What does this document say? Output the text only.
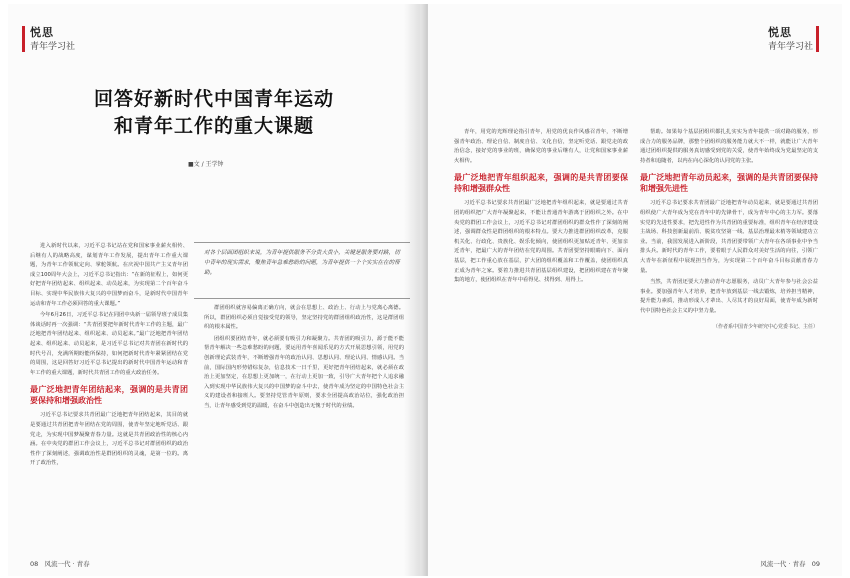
悦思
青年学习社
回答好新时代中国青年运动
和青年工作的重大课题
■文 / 王学钟
对各个层面团组织来说，为青年提供服务不分贵大贵小，关键是服务要对路，切中青年的现实需求，聚焦青年急难愁盼的问题，为青年提供一个个实实在在的帮助。

进入新时代以来，习近平总书记站在党和国家事业薪火相传、后继有人的战略高度，谋划青年工作发展，提出青年工作重大课题，为青年工作领航定向、掌舵领航。在庆祝中国共产主义青年团成立100周年大会上，习近平总书记指出：“在新的征程上，如何更好把青年团结起来、组织起来、动员起来，为实现第二个百年奋斗目标、实现中华民族伟大复兴的中国梦而奋斗，是新时代中国青年运动和青年工作必须回答的重大课题。”

今年6月26日，习近平总书记在同团中央新一届领导班子成员集体谈话时再一次强调：“共青团要把年新时代青年工作的主题，最广泛地把青年团结起来、组织起来、动员起来。”最广泛地把青年团结起来、组织起来、动员起来，是习近平总书记对共青团在新时代的时代号召，充满所期盼能所保持，如何把新时代青年紧紧团结在党的周围，这是回答好习近平总书记提出的新时代中国青年运动和青年工作的重大课题，新时代共青团工作的重大政治任务。

最广泛地把青年团结起来，强调的是共青团要保持和增强政治性

习近平总书记要求共青团最广泛地把青年团结起来，其目的就是要通过共青团把青年团结在党的周围，使青年坚定地听党话、跟党走，为实现中国梦凝聚青春力量。这就是共青团政治性的核心内涵。在中央党的群团工作会议上，习近平总书记对群团组织的政治性作了深刻阐述，强调政治性是群团组织的灵魂，是第一位的。离开了政治性，

群团组织就容易偏离正确方向，就会在思想上、政治上、行动上与党离心离德。所以，群团组织必须自觉接受党的领导，坚定坚持党的群团组织政治性，这是群团组织的根本属性。

团组织要团结青年，就必须要有吸引力和凝聚力。共青团的吸引力，源于能不能帮青年解决一些急难愁盼的问题，要运用青年喜闻乐见的方式开展思想引领，用党的创新理论武装青年，不断增强青年的政治认同、思想认同、理论认同、情感认同。当前，国际国内形势错综复杂，信息技术一日千里，更好把青年团结起来，就必须在政治上更加坚定，在思想上更加统一，在行动上更加一致，引导广大青年把个人追求融入到实现中华民族伟大复兴的中国梦的奋斗中去，使青年成为坚定的中国特色社会主义的建设者和接班人。要坚持党管青年原则，要求全团提高政治站位，强化政治担当，让青年感受到党的温暖，在奋斗中创造出无愧于时代的业绩。

08 风流一代 · 青春
悦思
青年学习社

青年，用党的光辉理论指引青年，用党的优良作风感召青年，不断增强青年政治、理论自信、制度自信、文化自信，坚定听党话、跟党走的政治信念，接好党的事业的班，确保党的事业后继有人，让党和国家事业薪火相传。

最广泛地把青年组织起来，强调的是共青团要保持和增强群众性

习近平总书记要求共青团最广泛地把青年组织起来，就是要通过共青团的组织把广大青年凝聚起来，不能让普通青年游离于团组织之外。在中央党的群团工作会议上，习近平总书记对群团组织的群众性作了深刻的阐述，强调群众性是群团组织的根本特点。要大力推进群团组织改革，克服机关化、行政化、贵族化、娱乐化倾向，使团组织更加贴近青年、更加亲近青年，把最广大的青年团结在党的周围。共青团要坚持眼睛向下、面向基层，把工作重心放在基层，扩大团的组织覆盖和工作覆盖，使团组织真正成为青年之家。要着力推进共青团基层组织建设，把团组织建在青年聚集的地方，使团组织在青年中看得见、找得到、用得上。

帮助。如果每个基层团组织都扎扎实实为青年提供一项对路的服务，形成合力的服务品牌，那整个团组织的服务能力就大不一样，就能让广大青年通过团组织提供的服务真切感受到党的关爱，使青年始终成为党最坚定的支持者和追随者，以内在向心深化的认同党的主张。

最广泛地把青年动员起来，强调的是共青团要保持和增强先进性

习近平总书记要求共青团最广泛地把青年动员起来，就是要通过共青团组织使广大青年成为党在青年中的先锋骨干，成为青年中心的主力军。要落实党的先进性要求，把先进性作为共青团的重要标准，组织青年在经济建设主战场、科技创新最前沿、脱贫攻坚第一线、基层治理最末梢等领域建功立业。当前，我国发展进入新阶段，共青团要带领广大青年在各项事业中争当排头兵。新时代的青年工作，要着眼于人民群众对美好生活的向往，引领广大青年在新征程中展现担当作为，为实现第二个百年奋斗目标贡献青春力量。

当然，共青团还要大力推动青年志愿服务，动员广大青年参与社会公益事业。要加强青年人才培养，把青年放到基层一线去锻炼，培养担当精神，提升能力素质，推动形成人才辈出、人尽其才的良好局面，使青年成为新时代中国特色社会主义的中坚力量。

（作者系中国青少年研究中心党委书记、主任）
风流一代 · 青春 09
